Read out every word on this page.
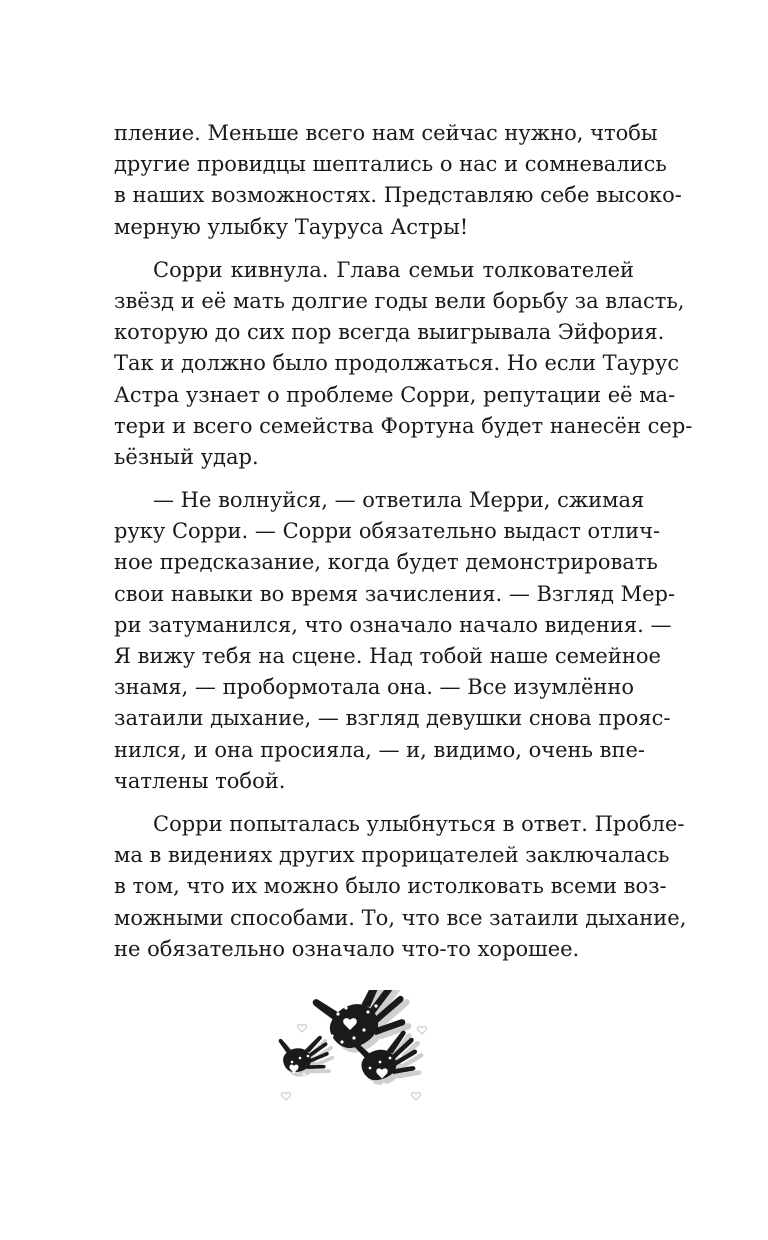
пление. Меньше всего нам сейчас нужно, чтобы
другие провидцы шептались о нас и сомневались
в наших возможностях. Представляю себе высоко-
мерную улыбку Тауруса Астры!
Сорри кивнула. Глава семьи толкователей
звёзд и её мать долгие годы вели борьбу за власть,
которую до сих пор всегда выигрывала Эйфория.
Так и должно было продолжаться. Но если Таурус
Астра узнает о проблеме Сорри, репутации её ма-
тери и всего семейства Фортуна будет нанесён сер-
ьёзный удар.
— Не волнуйся, — ответила Мерри, сжимая
руку Сорри. — Сорри обязательно выдаст отлич-
ное предсказание, когда будет демонстрировать
свои навыки во время зачисления. — Взгляд Мер-
ри затуманился, что означало начало видения. —
Я вижу тебя на сцене. Над тобой наше семейное
знамя, — пробормотала она. — Все изумлённо
затаили дыхание, — взгляд девушки снова прояс-
нился, и она просияла, — и, видимо, очень впе-
чатлены тобой.
Сорри попыталась улыбнуться в ответ. Пробле-
ма в видениях других прорицателей заключалась
в том, что их можно было истолковать всеми воз-
можными способами. То, что все затаили дыхание,
не обязательно означало что-то хорошее.
